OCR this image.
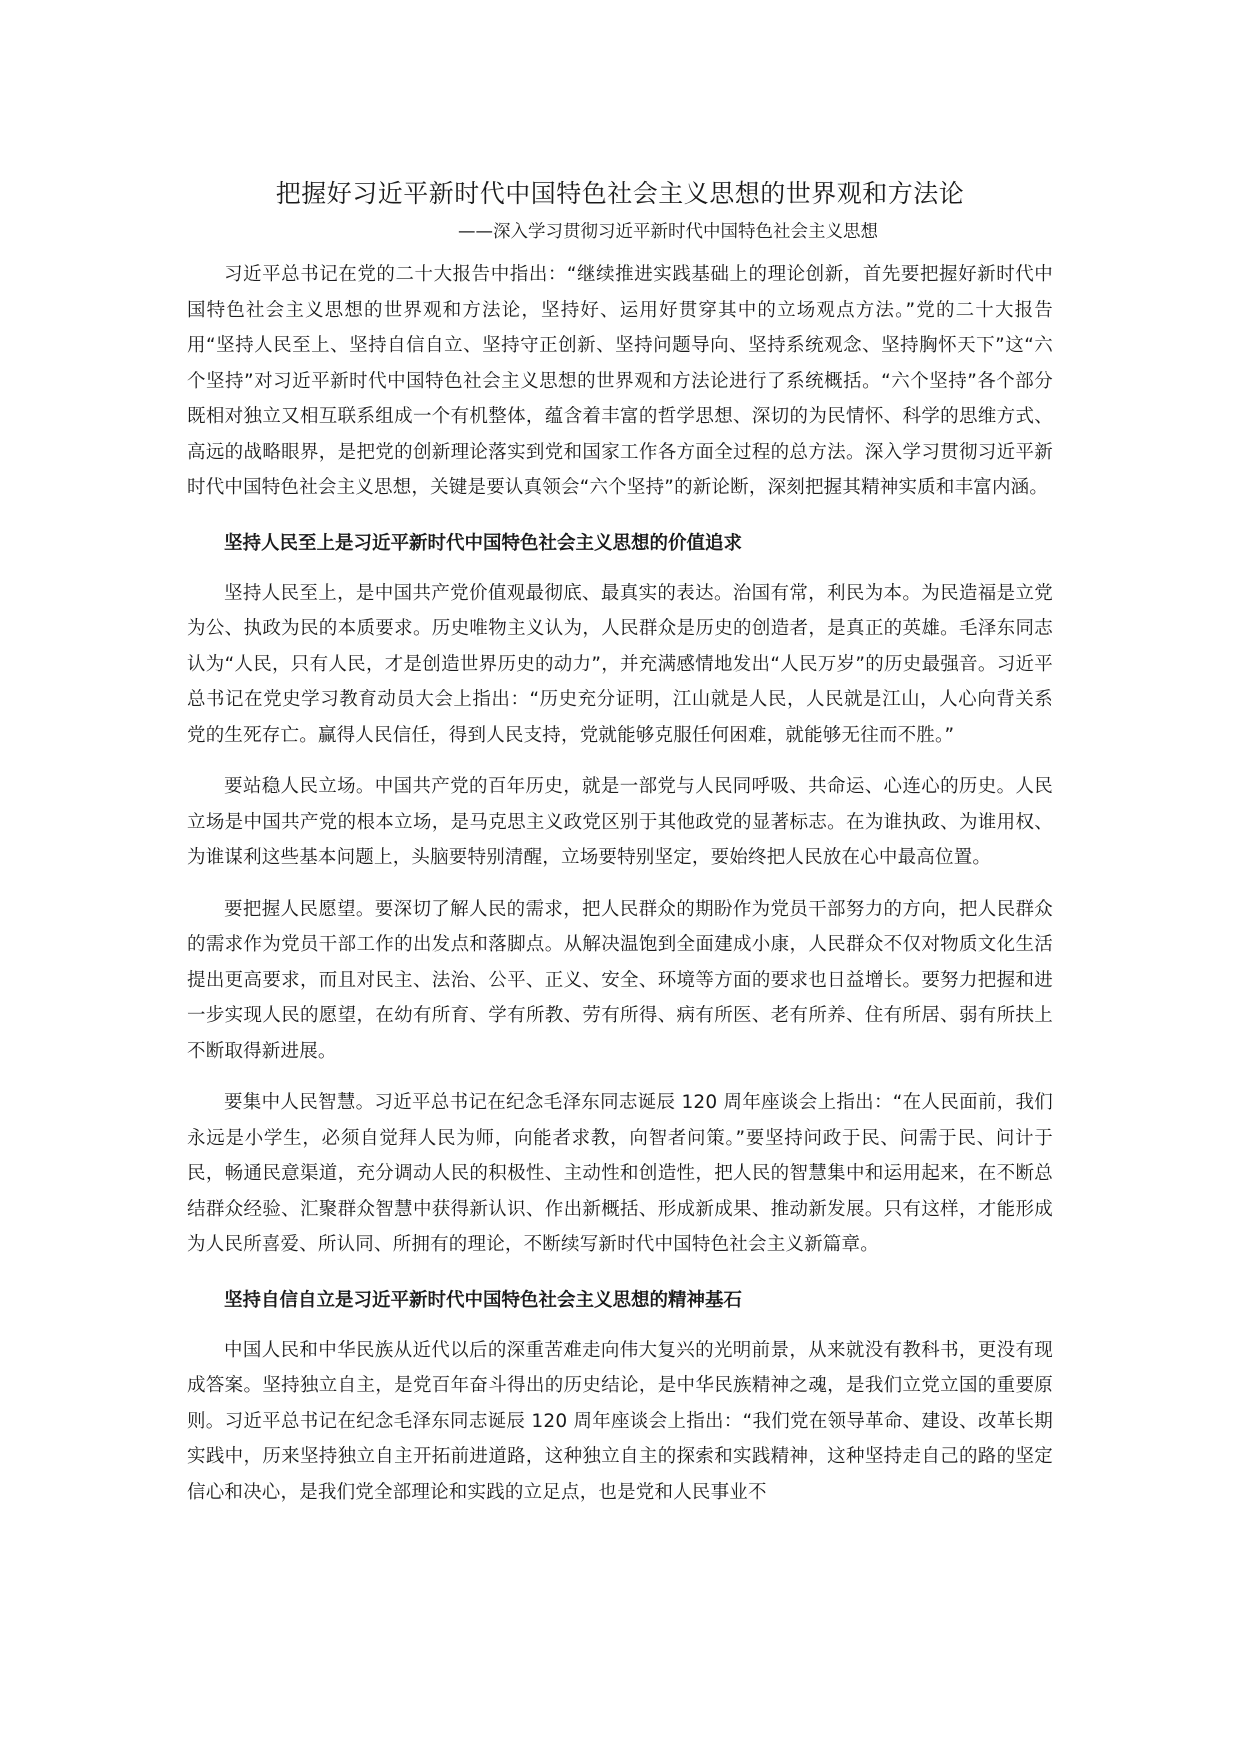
把握好习近平新时代中国特色社会主义思想的世界观和方法论

——深入学习贯彻习近平新时代中国特色社会主义思想

习近平总书记在党的二十大报告中指出：“继续推进实践基础上的理论创新，首先要把握好新时代中国特色社会主义思想的世界观和方法论，坚持好、运用好贯穿其中的立场观点方法。”党的二十大报告用“坚持人民至上、坚持自信自立、坚持守正创新、坚持问题导向、坚持系统观念、坚持胸怀天下”这“六个坚持”对习近平新时代中国特色社会主义思想的世界观和方法论进行了系统概括。“六个坚持”各个部分既相对独立又相互联系组成一个有机整体，蕴含着丰富的哲学思想、深切的为民情怀、科学的思维方式、高远的战略眼界，是把党的创新理论落实到党和国家工作各方面全过程的总方法。深入学习贯彻习近平新时代中国特色社会主义思想，关键是要认真领会“六个坚持”的新论断，深刻把握其精神实质和丰富内涵。

坚持人民至上是习近平新时代中国特色社会主义思想的价值追求

坚持人民至上，是中国共产党价值观最彻底、最真实的表达。治国有常，利民为本。为民造福是立党为公、执政为民的本质要求。历史唯物主义认为，人民群众是历史的创造者，是真正的英雄。毛泽东同志认为“人民，只有人民，才是创造世界历史的动力”，并充满感情地发出“人民万岁”的历史最强音。习近平总书记在党史学习教育动员大会上指出：“历史充分证明，江山就是人民，人民就是江山，人心向背关系党的生死存亡。赢得人民信任，得到人民支持，党就能够克服任何困难，就能够无往而不胜。”

要站稳人民立场。中国共产党的百年历史，就是一部党与人民同呼吸、共命运、心连心的历史。人民立场是中国共产党的根本立场，是马克思主义政党区别于其他政党的显著标志。在为谁执政、为谁用权、为谁谋利这些基本问题上，头脑要特别清醒，立场要特别坚定，要始终把人民放在心中最高位置。

要把握人民愿望。要深切了解人民的需求，把人民群众的期盼作为党员干部努力的方向，把人民群众的需求作为党员干部工作的出发点和落脚点。从解决温饱到全面建成小康，人民群众不仅对物质文化生活提出更高要求，而且对民主、法治、公平、正义、安全、环境等方面的要求也日益增长。要努力把握和进一步实现人民的愿望，在幼有所育、学有所教、劳有所得、病有所医、老有所养、住有所居、弱有所扶上不断取得新进展。

要集中人民智慧。习近平总书记在纪念毛泽东同志诞辰 120 周年座谈会上指出：“在人民面前，我们永远是小学生，必须自觉拜人民为师，向能者求教，向智者问策。”要坚持问政于民、问需于民、问计于民，畅通民意渠道，充分调动人民的积极性、主动性和创造性，把人民的智慧集中和运用起来，在不断总结群众经验、汇聚群众智慧中获得新认识、作出新概括、形成新成果、推动新发展。只有这样，才能形成为人民所喜爱、所认同、所拥有的理论，不断续写新时代中国特色社会主义新篇章。

坚持自信自立是习近平新时代中国特色社会主义思想的精神基石

中国人民和中华民族从近代以后的深重苦难走向伟大复兴的光明前景，从来就没有教科书，更没有现成答案。坚持独立自主，是党百年奋斗得出的历史结论，是中华民族精神之魂，是我们立党立国的重要原则。习近平总书记在纪念毛泽东同志诞辰 120 周年座谈会上指出：“我们党在领导革命、建设、改革长期实践中，历来坚持独立自主开拓前进道路，这种独立自主的探索和实践精神，这种坚持走自己的路的坚定信心和决心，是我们党全部理论和实践的立足点，也是党和人民事业不
